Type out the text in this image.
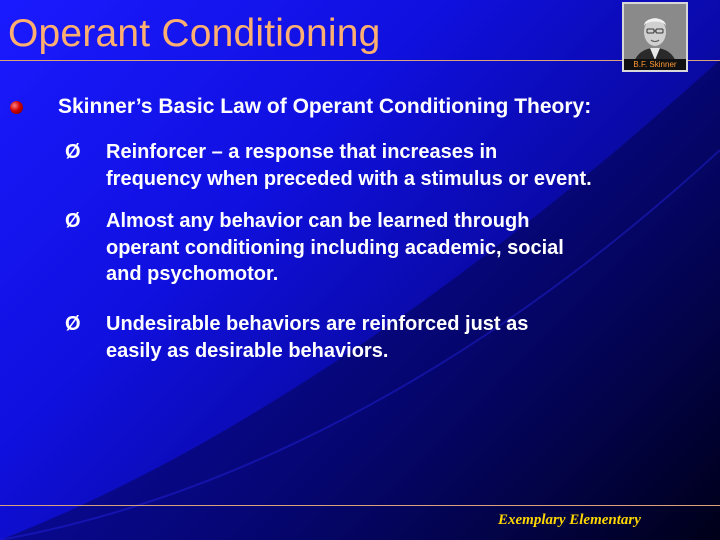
Operant Conditioning
B.F. Skinner
Skinner’s Basic Law of Operant Conditioning Theory:
Ø Reinforcer – a response that increases in
frequency when preceded with a stimulus or event.
Ø Almost any behavior can be learned through
operant conditioning including academic, social
and psychomotor.
Ø Undesirable behaviors are reinforced just as
easily as desirable behaviors.
Exemplary Elementary
